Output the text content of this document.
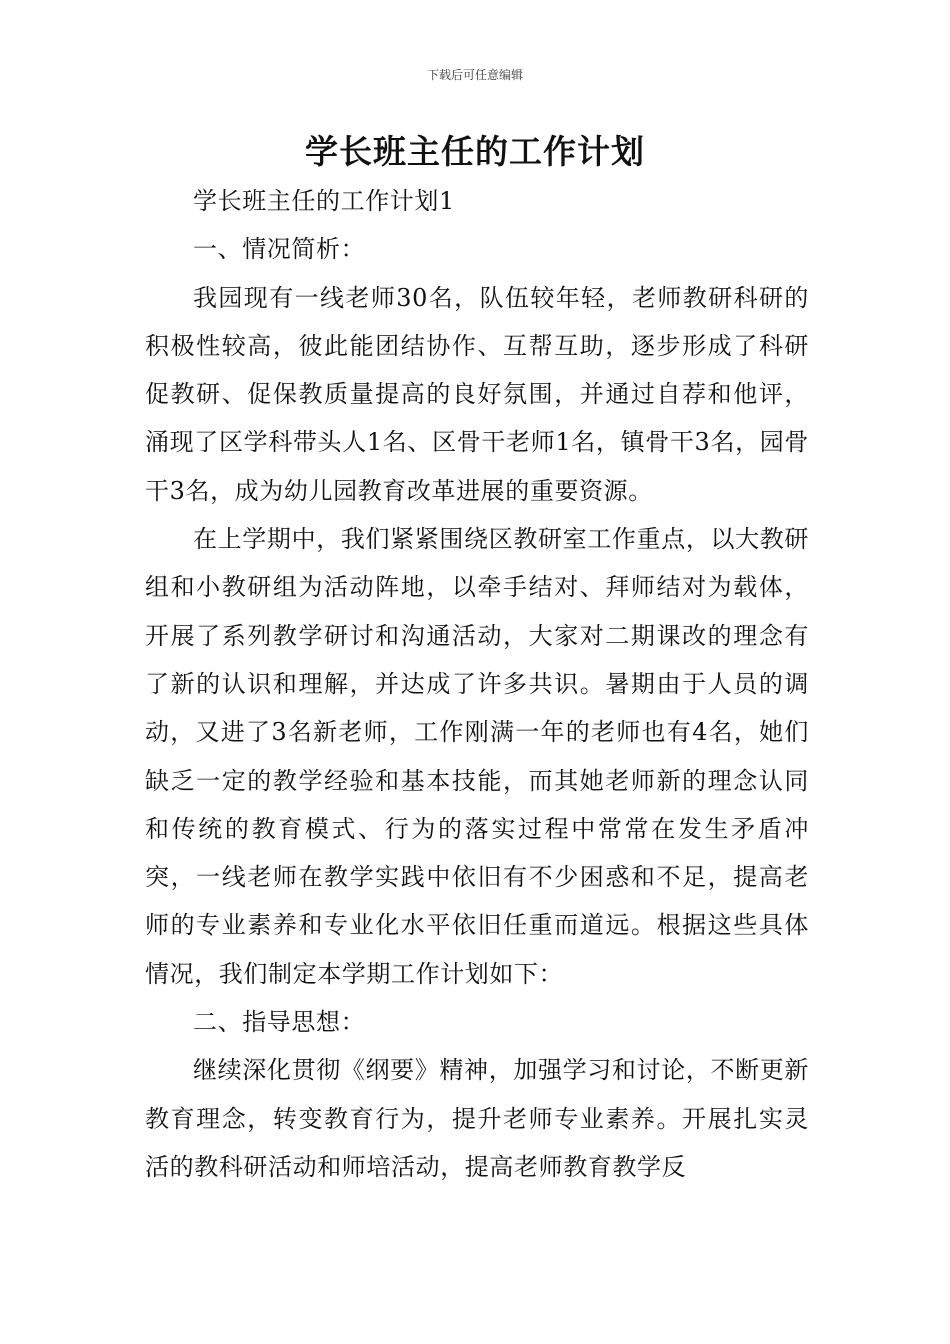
下载后可任意编辑
学长班主任的工作计划

学长班主任的工作计划1

一、情况简析：

我园现有一线老师30名，队伍较年轻，老师教研科研的积极性较高，彼此能团结协作、互帮互助，逐步形成了科研促教研、促保教质量提高的良好氛围，并通过自荐和他评，涌现了区学科带头人1名、区骨干老师1名，镇骨干3名，园骨干3名，成为幼儿园教育改革进展的重要资源。

在上学期中，我们紧紧围绕区教研室工作重点，以大教研组和小教研组为活动阵地，以牵手结对、拜师结对为载体，开展了系列教学研讨和沟通活动，大家对二期课改的理念有了新的认识和理解，并达成了许多共识。暑期由于人员的调动，又进了3名新老师，工作刚满一年的老师也有4名，她们缺乏一定的教学经验和基本技能，而其她老师新的理念认同和传统的教育模式、行为的落实过程中常常在发生矛盾冲突，一线老师在教学实践中依旧有不少困惑和不足，提高老师的专业素养和专业化水平依旧任重而道远。根据这些具体情况，我们制定本学期工作计划如下：

二、指导思想：

继续深化贯彻《纲要》精神，加强学习和讨论，不断更新教育理念，转变教育行为，提升老师专业素养。开展扎实灵活的教科研活动和师培活动，提高老师教育教学反
